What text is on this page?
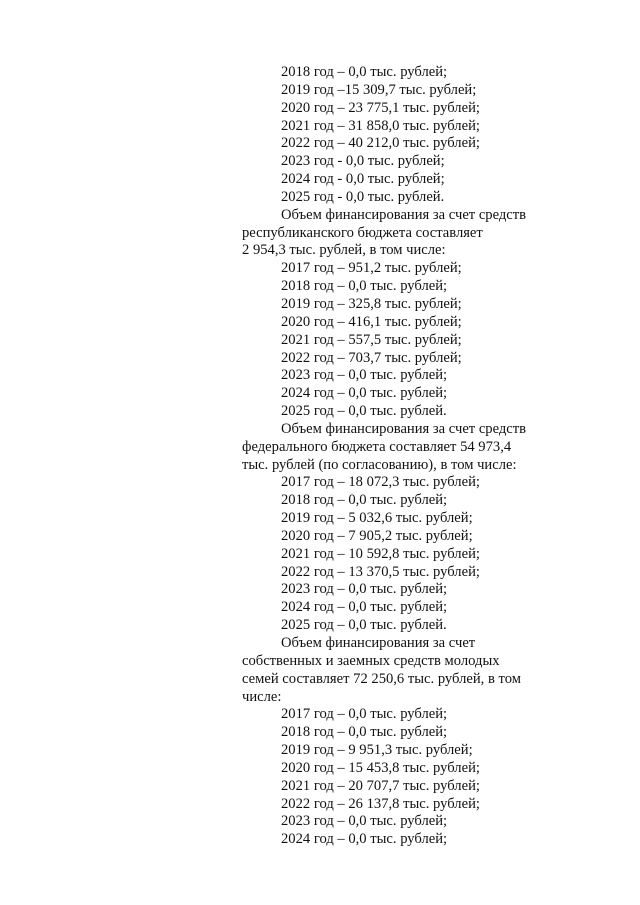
2018 год – 0,0 тыс. рублей;
2019 год –15 309,7 тыс. рублей;
2020 год – 23 775,1 тыс. рублей;
2021 год – 31 858,0 тыс. рублей;
2022 год – 40 212,0 тыс. рублей;
2023 год - 0,0 тыс. рублей;
2024 год - 0,0 тыс. рублей;
2025 год - 0,0 тыс. рублей.
Объем финансирования за счет средств
республиканского бюджета составляет
2 954,3 тыс. рублей, в том числе:
2017 год – 951,2 тыс. рублей;
2018 год – 0,0 тыс. рублей;
2019 год – 325,8 тыс. рублей;
2020 год – 416,1 тыс. рублей;
2021 год – 557,5 тыс. рублей;
2022 год – 703,7 тыс. рублей;
2023 год – 0,0 тыс. рублей;
2024 год – 0,0 тыс. рублей;
2025 год – 0,0 тыс. рублей.
Объем финансирования за счет средств
федерального бюджета составляет 54 973,4
тыс. рублей (по согласованию), в том числе:
2017 год – 18 072,3 тыс. рублей;
2018 год – 0,0 тыс. рублей;
2019 год – 5 032,6 тыс. рублей;
2020 год – 7 905,2 тыс. рублей;
2021 год – 10 592,8 тыс. рублей;
2022 год – 13 370,5 тыс. рублей;
2023 год – 0,0 тыс. рублей;
2024 год – 0,0 тыс. рублей;
2025 год – 0,0 тыс. рублей.
Объем финансирования за счет
собственных и заемных средств молодых
семей составляет 72 250,6 тыс. рублей, в том
числе:
2017 год – 0,0 тыс. рублей;
2018 год – 0,0 тыс. рублей;
2019 год – 9 951,3 тыс. рублей;
2020 год – 15 453,8 тыс. рублей;
2021 год – 20 707,7 тыс. рублей;
2022 год – 26 137,8 тыс. рублей;
2023 год – 0,0 тыс. рублей;
2024 год – 0,0 тыс. рублей;
